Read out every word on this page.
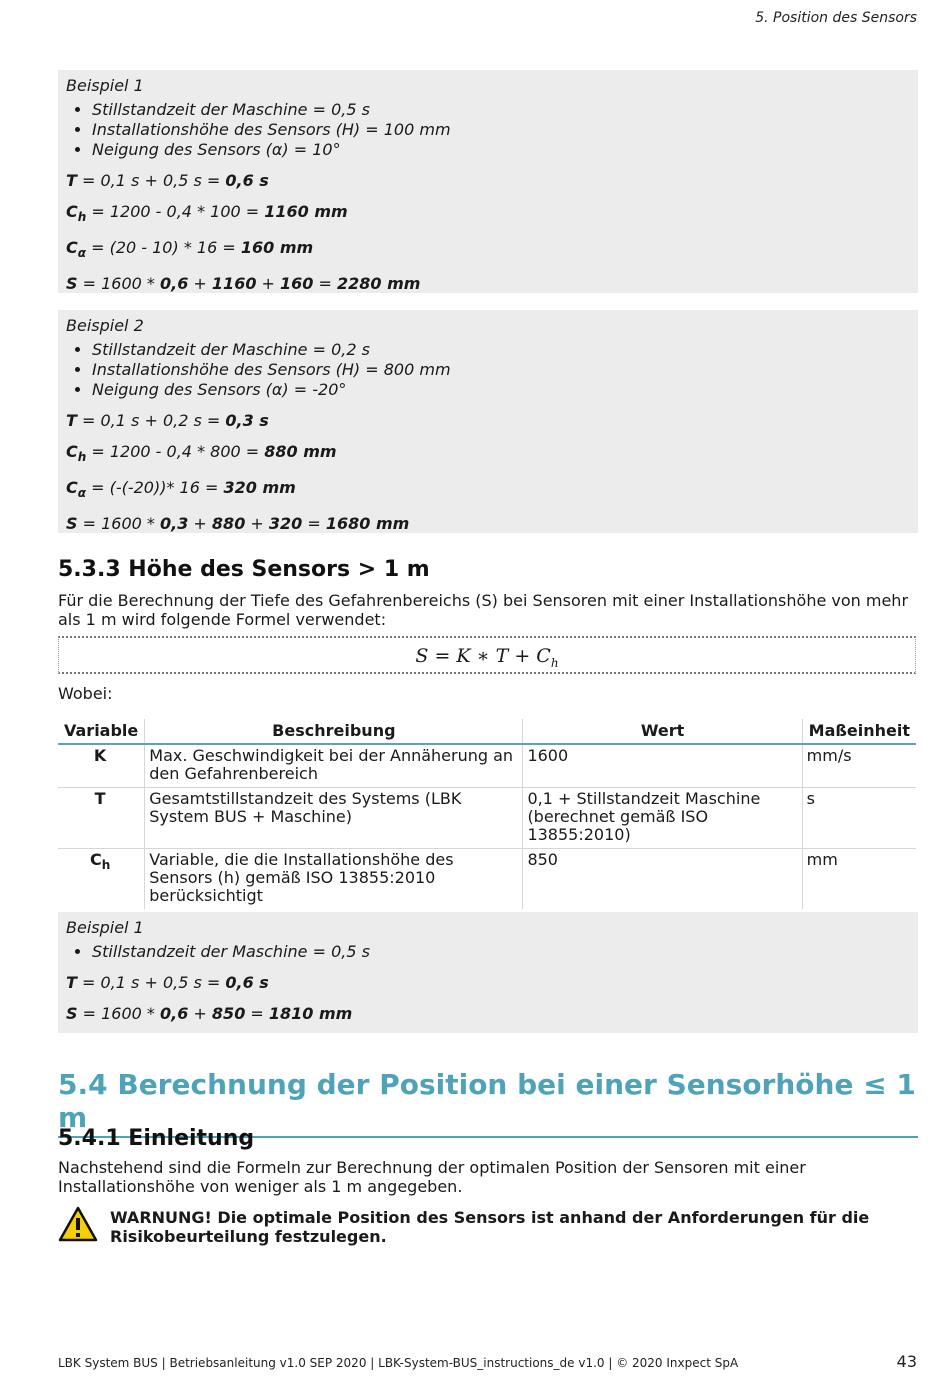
5. Position des Sensors
Beispiel 1
• Stillstandzeit der Maschine = 0,5 s
• Installationshöhe des Sensors (H) = 100 mm
• Neigung des Sensors (α) = 10°
T = 0,1 s + 0,5 s = 0,6 s
$C_h = 1200 - 0,4 * 100 = 1160$ mm
$C_\alpha = (20 - 10) * 16 = 160$ mm
S = 1600 * 0,6 + 1160 + 160 = 2280 mm
Beispiel 2
• Stillstandzeit der Maschine = 0,2 s
• Installationshöhe des Sensors (H) = 800 mm
• Neigung des Sensors (α) = -20°
T = 0,1 s + 0,2 s = 0,3 s
$C_h = 1200 - 0,4 * 800 = 880$ mm
$C_\alpha = (-(-20))*$ 16 = 320 mm
S = 1600 * 0,3 + 880 + 320 = 1680 mm
5.3.3 Höhe des Sensors > 1 m

Für die Berechnung der Tiefe des Gefahrenbereichs (S) bei Sensoren mit einer Installationshöhe von mehr als 1 m wird folgende Formel verwendet:

S = K ∗ $T + C_h$

Wobei:

Variable	Beschreibung	Wert	Maßeinheit
K	Max. Geschwindigkeit bei der Annäherung an den Gefahrenbereich	1600	mm/s
T	Gesamtstillstandzeit des Systems (LBK System BUS + Maschine)	0,1 + Stillstandzeit Maschine (berechnet gemäß ISO 13855:2010)	s
$C_h$	Variable, die die Installationshöhe des Sensors (h) gemäß ISO 13855:2010 berücksichtigt	850	mm
Beispiel 1
• Stillstandzeit der Maschine = 0,5 s
T = 0,1 s + 0,5 s = 0,6 s
S = 1600 * 0,6 + 850 = 1810 mm
5.4 Berechnung der Position bei einer Sensorhöhe ≤ 1 m
5.4.1 Einleitung

Nachstehend sind die Formeln zur Berechnung der optimalen Position der Sensoren mit einer Installationshöhe von weniger als 1 m angegeben.

WARNUNG! Die optimale Position des Sensors ist anhand der Anforderungen für die Risikobeurteilung festzulegen.
LBK System BUS | Betriebsanleitung v1.0 SEP 2020 | LBK-System-BUS_instructions_de v1.0 | © 2020 Inxpect SpA	43
